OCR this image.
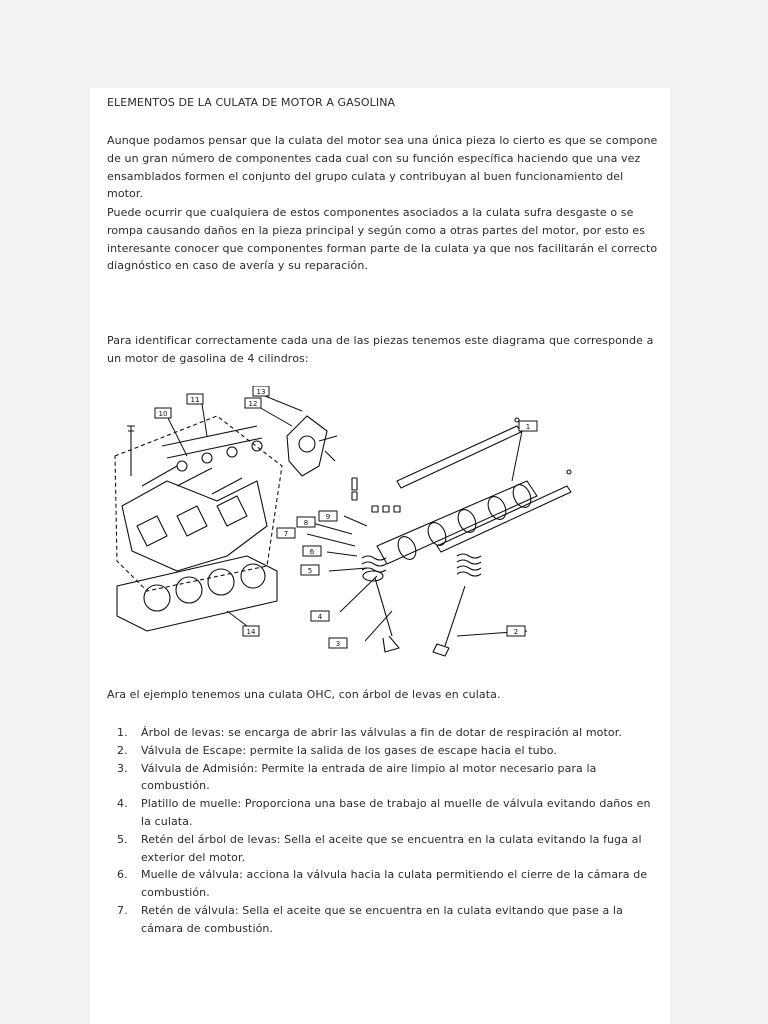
ELEMENTOS DE LA CULATA DE MOTOR A GASOLINA

Aunque podamos pensar que la culata del motor sea una única pieza lo cierto es que se compone de un gran número de componentes cada cual con su función específica haciendo que una vez ensamblados formen el conjunto del grupo culata y contribuyan al buen funcionamiento del motor.

Puede ocurrir que cualquiera de estos componentes asociados a la culata sufra desgaste o se rompa causando daños en la pieza principal y según como a otras partes del motor, por esto es interesante conocer que componentes forman parte de la culata ya que nos facilitarán el correcto diagnóstico en caso de avería y su reparación.

Para identificar correctamente cada una de las piezas tenemos este diagrama que corresponde a un motor de gasolina de 4 cilindros:

10
11	12
13
1
2
3
4
5
6
7
8
9
14

Ara el ejemplo tenemos una culata OHC, con árbol de levas en culata.

1. Árbol de levas: se encarga de abrir las válvulas a fin de dotar de respiración al motor.
2. Válvula de Escape: permite la salida de los gases de escape hacia el tubo.
3. Válvula de Admisión: Permite la entrada de aire limpio al motor necesario para la combustión.
4. Platillo de muelle: Proporciona una base de trabajo al muelle de válvula evitando daños en la culata.
5. Retén del árbol de levas: Sella el aceite que se encuentra en la culata evitando la fuga al exterior del motor.
6. Muelle de válvula: acciona la válvula hacia la culata permitiendo el cierre de la cámara de combustión.
7. Retén de válvula: Sella el aceite que se encuentra en la culata evitando que pase a la cámara de combustión.
